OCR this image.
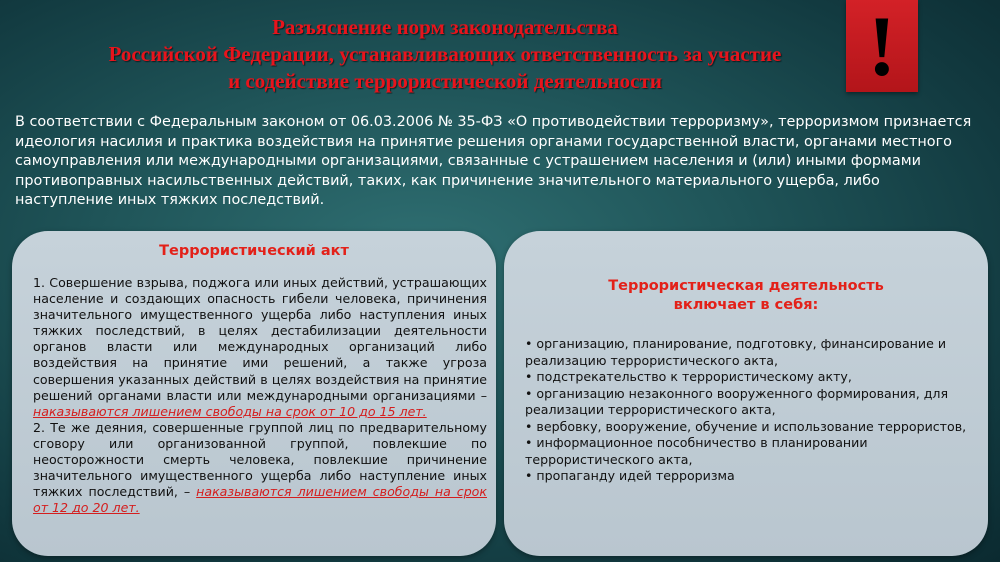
Разъяснение норм законодательства
Российской Федерации, устанавливающих ответственность за участие
и содействие террористической деятельности	!
В соответствии с Федеральным законом от 06.03.2006 № 35-ФЗ «О противодействии терроризму», терроризмом признается идеология насилия и практика воздействия на принятие решения органами государственной власти, органами местного самоуправления или международными организациями, связанные с устрашением населения и (или) иными формами противоправных насильственных действий, таких, как причинение значительного материального ущерба, либо наступление иных тяжких последствий.
Террористический акт

1. Совершение взрыва, поджога или иных действий, устрашающих население и создающих опасность гибели человека, причинения значительного имущественного ущерба либо наступления иных тяжких последствий, в целях дестабилизации деятельности органов власти или международных организаций либо воздействия на принятие ими решений, а также угроза совершения указанных действий в целях воздействия на принятие решений органами власти или международными организациями – наказываются лишением свободы на срок от 10 до 15 лет.

2. Те же деяния, совершенные группой лиц по предварительному сговору или организованной группой, повлекшие по неосторожности смерть человека, повлекшие причинение значительного имущественного ущерба либо наступление иных тяжких последствий, – наказываются лишением свободы на срок от 12 до 20 лет.

Террористическая деятельность
включает в себя:
• организацию, планирование, подготовку, финансирование и реализацию террористического акта,
• подстрекательство к террористическому акту,
• организацию незаконного вооруженного формирования, для реализации террористического акта,
• вербовку, вооружение, обучение и использование террористов,
• информационное пособничество в планировании террористического акта,
• пропаганду идей терроризма
